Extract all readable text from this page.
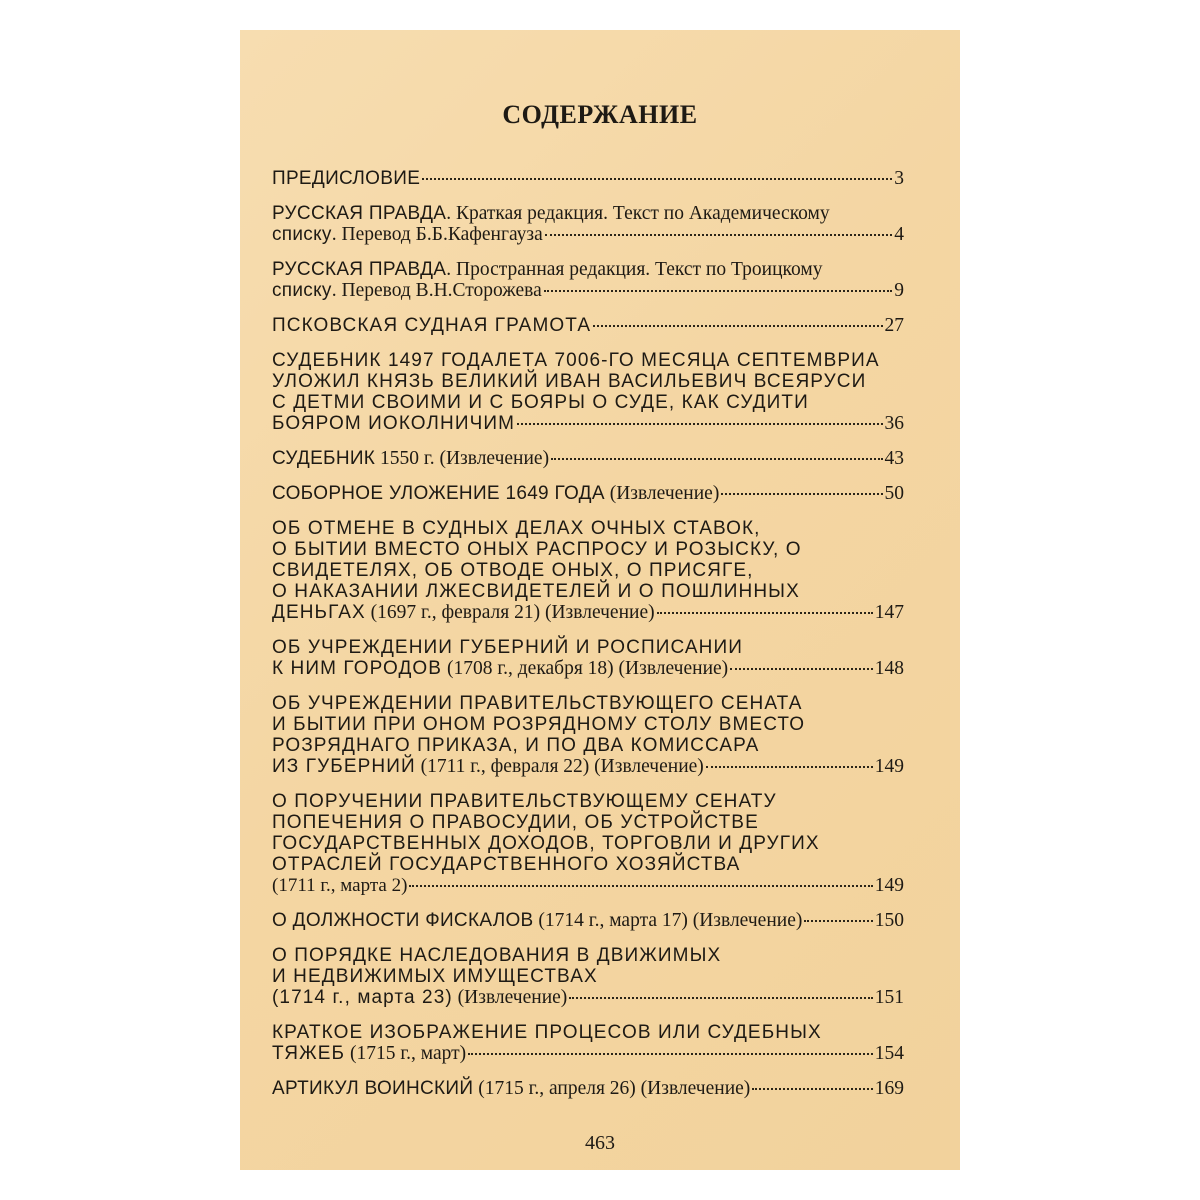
СОДЕРЖАНИЕ
ПРЕДИСЛОВИЕ	3
РУССКАЯ ПРАВДА. Краткая редакция. Текст по Академическому
списку. Перевод Б.Б.Кафенгауза	4
РУССКАЯ ПРАВДА. Пространная редакция. Текст по Троицкому
списку. Перевод В.Н.Сторожева	9
ПСКОВСКАЯ СУДНАЯ ГРАМОТА	27
СУДЕБНИК 1497 ГОДАЛЕТА 7006-ГО МЕСЯЦА СЕПТЕМВРИА
УЛОЖИЛ КНЯЗЬ ВЕЛИКИЙ ИВАН ВАСИЛЬЕВИЧ ВСЕЯРУСИ
С ДЕТМИ СВОИМИ И С БОЯРЫ О СУДЕ, КАК СУДИТИ
БОЯРОМ ИОКОЛНИЧИМ	36
СУДЕБНИК 1550 г. (Извлечение)	43
СОБОРНОЕ УЛОЖЕНИЕ 1649 ГОДА (Извлечение)	50
ОБ ОТМЕНЕ В СУДНЫХ ДЕЛАХ ОЧНЫХ СТАВОК,
О БЫТИИ ВМЕСТО ОНЫХ РАСПРОСУ И РОЗЫСКУ, О
СВИДЕТЕЛЯХ, ОБ ОТВОДЕ ОНЫХ, О ПРИСЯГЕ,
О НАКАЗАНИИ ЛЖЕСВИДЕТЕЛЕЙ И О ПОШЛИННЫХ
ДЕНЬГАХ (1697 г., февраля 21) (Извлечение)	147
ОБ УЧРЕЖДЕНИИ ГУБЕРНИЙ И РОСПИСАНИИ
К НИМ ГОРОДОВ (1708 г., декабря 18) (Извлечение)	148
ОБ УЧРЕЖДЕНИИ ПРАВИТЕЛЬСТВУЮЩЕГО СЕНАТА
И БЫТИИ ПРИ ОНОМ РОЗРЯДНОМУ СТОЛУ ВМЕСТО
РОЗРЯДНАГО ПРИКАЗА, И ПО ДВА КОМИССАРА
ИЗ ГУБЕРНИЙ (1711 г., февраля 22) (Извлечение)	149
О ПОРУЧЕНИИ ПРАВИТЕЛЬСТВУЮЩЕМУ СЕНАТУ
ПОПЕЧЕНИЯ О ПРАВОСУДИИ, ОБ УСТРОЙСТВЕ
ГОСУДАРСТВЕННЫХ ДОХОДОВ, ТОРГОВЛИ И ДРУГИХ
ОТРАСЛЕЙ ГОСУДАРСТВЕННОГО ХОЗЯЙСТВА
(1711 г., марта 2)	149
О ДОЛЖНОСТИ ФИСКАЛОВ (1714 г., марта 17) (Извлечение)	150
О ПОРЯДКЕ НАСЛЕДОВАНИЯ В ДВИЖИМЫХ
И НЕДВИЖИМЫХ ИМУЩЕСТВАХ
(1714 г., марта 23) (Извлечение)	151
КРАТКОЕ ИЗОБРАЖЕНИЕ ПРОЦЕСОВ ИЛИ СУДЕБНЫХ
ТЯЖЕБ (1715 г., март)	154
АРТИКУЛ ВОИНСКИЙ (1715 г., апреля 26) (Извлечение)	169
463
